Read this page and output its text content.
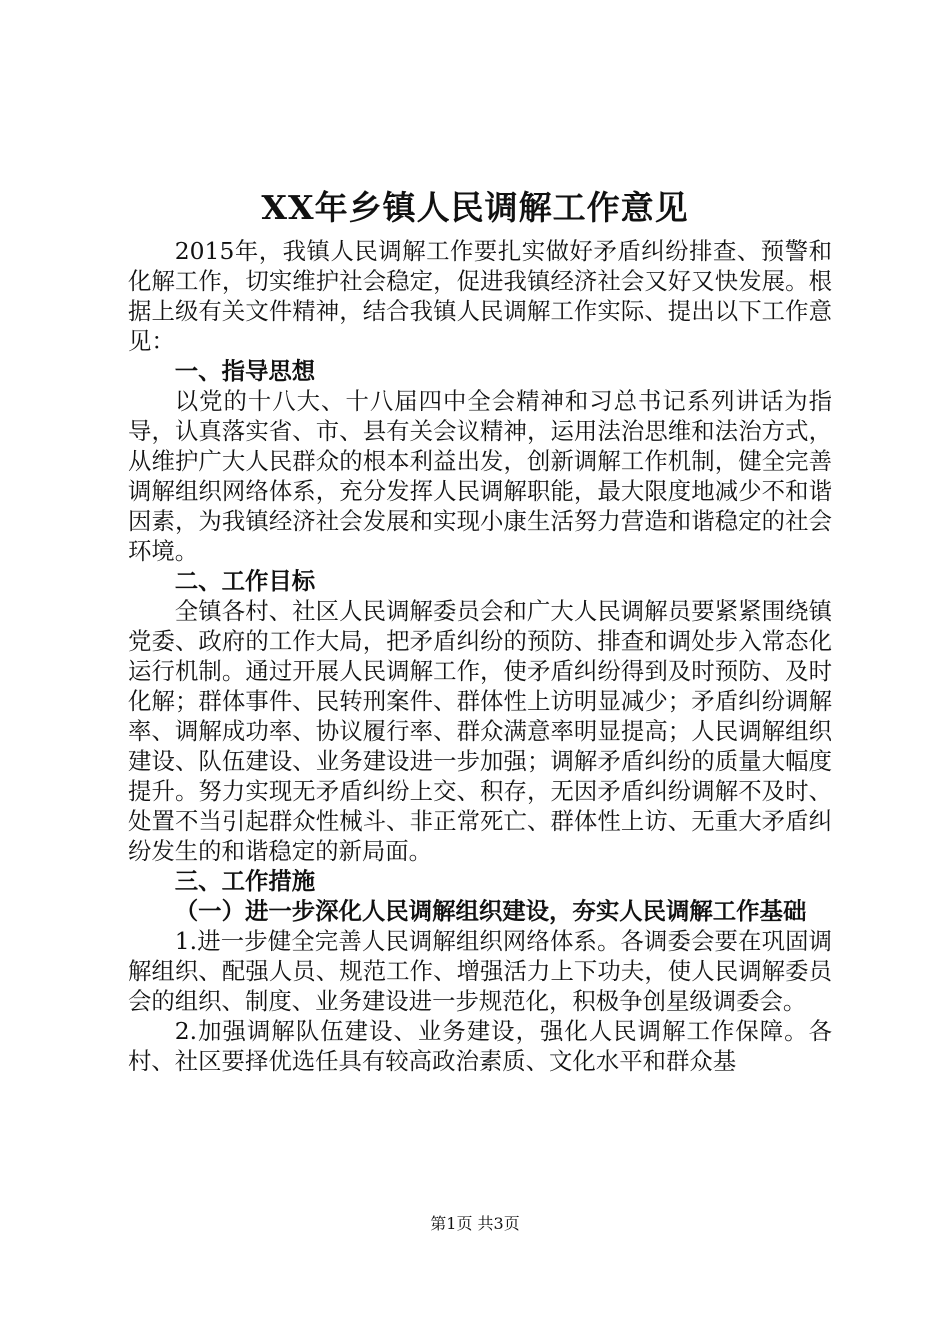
XX年乡镇人民调解工作意见

2015年，我镇人民调解工作要扎实做好矛盾纠纷排查、预警和化解工作，切实维护社会稳定，促进我镇经济社会又好又快发展。根据上级有关文件精神，结合我镇人民调解工作实际、提出以下工作意见：

一、指导思想

以党的十八大、十八届四中全会精神和习总书记系列讲话为指导，认真落实省、市、县有关会议精神，运用法治思维和法治方式，从维护广大人民群众的根本利益出发，创新调解工作机制，健全完善调解组织网络体系，充分发挥人民调解职能，最大限度地减少不和谐因素，为我镇经济社会发展和实现小康生活努力营造和谐稳定的社会环境。

二、工作目标

全镇各村、社区人民调解委员会和广大人民调解员要紧紧围绕镇党委、政府的工作大局，把矛盾纠纷的预防、排查和调处步入常态化运行机制。通过开展人民调解工作，使矛盾纠纷得到及时预防、及时化解；群体事件、民转刑案件、群体性上访明显减少；矛盾纠纷调解率、调解成功率、协议履行率、群众满意率明显提高；人民调解组织建设、队伍建设、业务建设进一步加强；调解矛盾纠纷的质量大幅度提升。努力实现无矛盾纠纷上交、积存，无因矛盾纠纷调解不及时、处置不当引起群众性械斗、非正常死亡、群体性上访、无重大矛盾纠纷发生的和谐稳定的新局面。

三、工作措施

（一）进一步深化人民调解组织建设，夯实人民调解工作基础

1.进一步健全完善人民调解组织网络体系。各调委会要在巩固调解组织、配强人员、规范工作、增强活力上下功夫，使人民调解委员会的组织、制度、业务建设进一步规范化，积极争创星级调委会。

2.加强调解队伍建设、业务建设，强化人民调解工作保障。各村、社区要择优选任具有较高政治素质、文化水平和群众基

第1页 共3页
